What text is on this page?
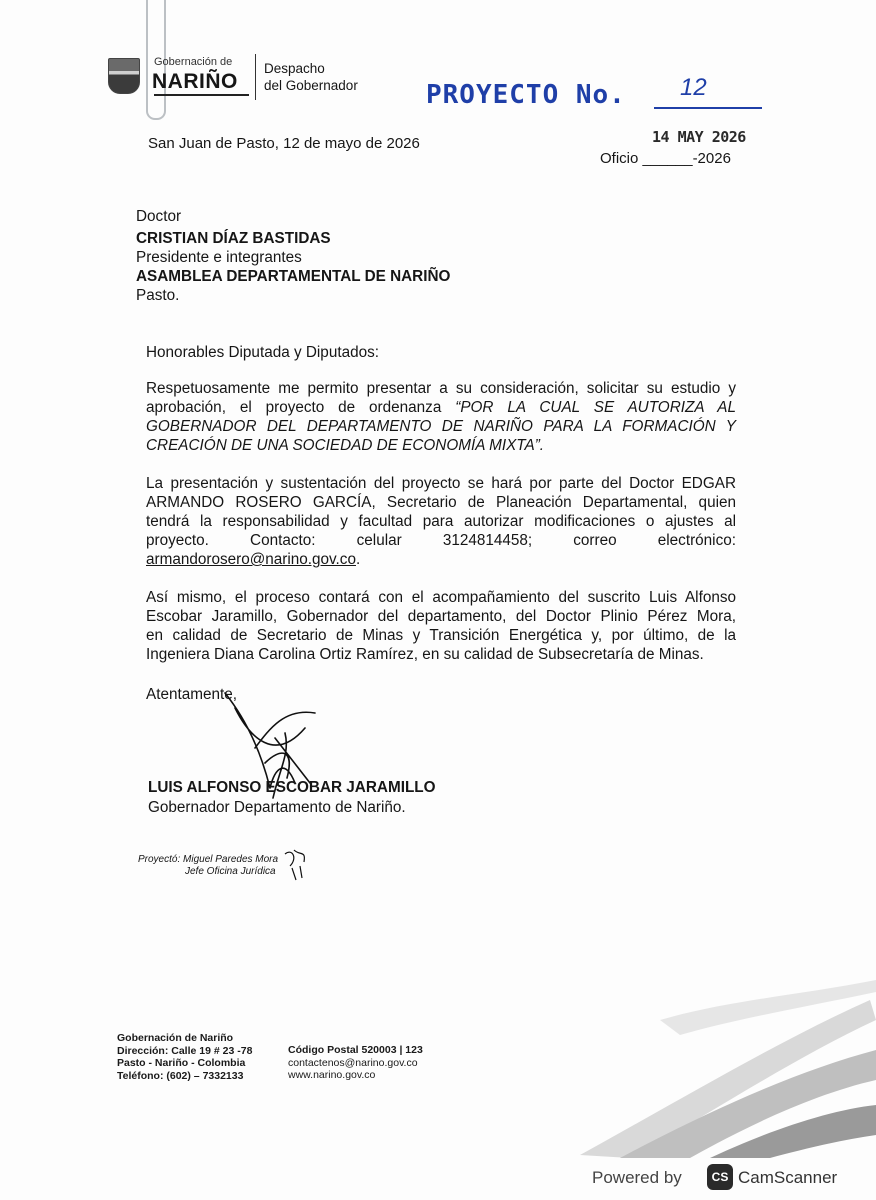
Gobernación de
NARIÑO
Despacho
del Gobernador	PROYECTO No. 12
14 MAY 2026
San Juan de Pasto, 12 de mayo de 2026
Oficio ______-2026
Doctor
CRISTIAN DÍAZ BASTIDAS
Presidente e integrantes
ASAMBLEA DEPARTAMENTAL DE NARIÑO
Pasto.
Honorables Diputada y Diputados:
Respetuosamente me permito presentar a su consideración, solicitar su estudio y
aprobación, el proyecto de ordenanza “POR LA CUAL SE AUTORIZA AL
GOBERNADOR DEL DEPARTAMENTO DE NARIÑO PARA LA FORMACIÓN Y
CREACIÓN DE UNA SOCIEDAD DE ECONOMÍA MIXTA”.
La presentación y sustentación del proyecto se hará por parte del Doctor EDGAR
ARMANDO ROSERO GARCÍA, Secretario de Planeación Departamental, quien
tendrá la responsabilidad y facultad para autorizar modificaciones o ajustes al
proyecto. Contacto: celular 3124814458; correo electrónico:
armandorosero@narino.gov.co.
Así mismo, el proceso contará con el acompañamiento del suscrito Luis Alfonso
Escobar Jaramillo, Gobernador del departamento, del Doctor Plinio Pérez Mora,
en calidad de Secretario de Minas y Transición Energética y, por último, de la
Ingeniera Diana Carolina Ortiz Ramírez, en su calidad de Subsecretaría de Minas.
Atentamente,
LUIS ALFONSO ESCOBAR JARAMILLO
Gobernador Departamento de Nariño.
Proyectó: Miguel Paredes Mora
Jefe Oficina Jurídica
Gobernación de Nariño
Dirección: Calle 19 # 23 -78
Pasto - Nariño - Colombia
Teléfono: (602) – 7332133
Código Postal 520003 | 123
contactenos@narino.gov.co
www.narino.gov.co
Powered by	CS CamScanner
